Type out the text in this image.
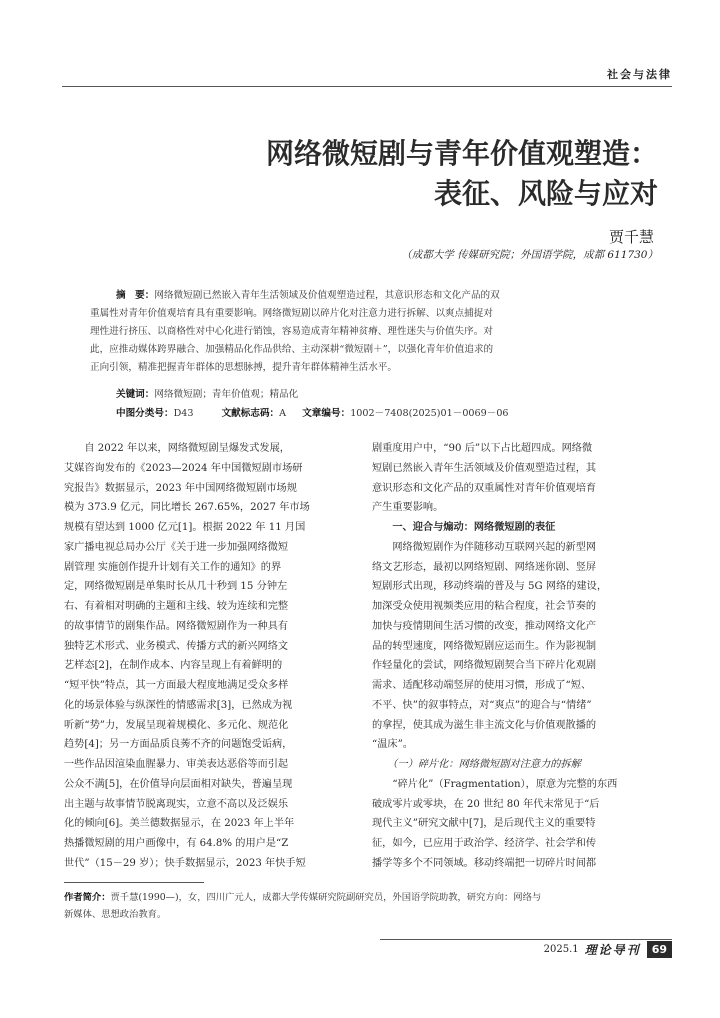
社会与法律
网络微短剧与青年价值观塑造：
表征、风险与应对
贾千慧
（成都大学 传媒研究院；外国语学院，成都 611730）
摘　要：网络微短剧已然嵌入青年生活领域及价值观塑造过程，其意识形态和文化产品的双
重属性对青年价值观培育具有重要影响。网络微短剧以碎片化对注意力进行拆解、以爽点捕捉对
理性进行挤压、以商格性对中心化进行销蚀，容易造成青年精神贫瘠、理性迷失与价值失序。对
此，应推动媒体跨界融合、加强精品化作品供给、主动深耕“微短剧＋”，以强化青年价值追求的
正向引领，精准把握青年群体的思想脉搏，提升青年群体精神生活水平。
关键词：网络微短剧；青年价值观；精品化
中图分类号：D43	文献标志码：A 文章编号：1002－7408(2025)01－0069－06
　　自 2022 年以来，网络微短剧呈爆发式发展，
艾媒咨询发布的《2023—2024 年中国微短剧市场研
究报告》数据显示，2023 年中国网络微短剧市场规
模为 373.9 亿元，同比增长 267.65%，2027 年市场
规模有望达到 1000 亿元[1]。根据 2022 年 11 月国
家广播电视总局办公厅《关于进一步加强网络微短
剧管理 实施创作提升计划有关工作的通知》的界
定，网络微短剧是单集时长从几十秒到 15 分钟左
右、有着相对明确的主题和主线、较为连续和完整
的故事情节的剧集作品。网络微短剧作为一种具有
独特艺术形式、业务模式、传播方式的新兴网络文
艺样态[2]，在制作成本、内容呈现上有着鲜明的
“短平快”特点，其一方面最大程度地满足受众多样
化的场景体验与纵深性的情感需求[3]，已然成为视
听新“势”力，发展呈现着规模化、多元化、规范化
趋势[4]；另一方面品质良莠不齐的问题饱受诟病，
一些作品因渲染血腥暴力、审美表达恶俗等而引起
公众不满[5]，在价值导向层面相对缺失，普遍呈现
出主题与故事情节脱离现实，立意不高以及泛娱乐
化的倾向[6]。美兰德数据显示，在 2023 年上半年
热播微短剧的用户画像中，有 64.8% 的用户是“Z
世代”（15－29 岁）；快手数据显示，2023 年快手短
剧重度用户中，“90 后”以下占比超四成。网络微
短剧已然嵌入青年生活领域及价值观塑造过程，其
意识形态和文化产品的双重属性对青年价值观培育
产生重要影响。
　　一、迎合与煽动：网络微短剧的表征
　　网络微短剧作为伴随移动互联网兴起的新型网
络文艺形态，最初以网络短剧、网络迷你剧、竖屏
短剧形式出现，移动终端的普及与 5G 网络的建设，
加深受众使用视频类应用的粘合程度，社会节奏的
加快与疫情期间生活习惯的改变，推动网络文化产
品的转型速度，网络微短剧应运而生。作为影视制
作轻量化的尝试，网络微短剧契合当下碎片化观剧
需求、适配移动端竖屏的使用习惯，形成了“短、
不平、快”的叙事特点，对“爽点”的迎合与“情绪”
的拿捏，使其成为滋生非主流文化与价值观散播的
“温床”。
　　（一）碎片化：网络微短剧对注意力的拆解
　　“碎片化”（Fragmentation），原意为完整的东西
破成零片或零块，在 20 世纪 80 年代末常见于“后
现代主义”研究文献中[7]，是后现代主义的重要特
征，如今，已应用于政治学、经济学、社会学和传
播学等多个不同领域。移动终端把一切碎片时间都
作者简介：贾千慧(1990—)，女，四川广元人，成都大学传媒研究院副研究员，外国语学院助教，研究方向：网络与
新媒体、思想政治教育。
2025.1 理论导刊	69
